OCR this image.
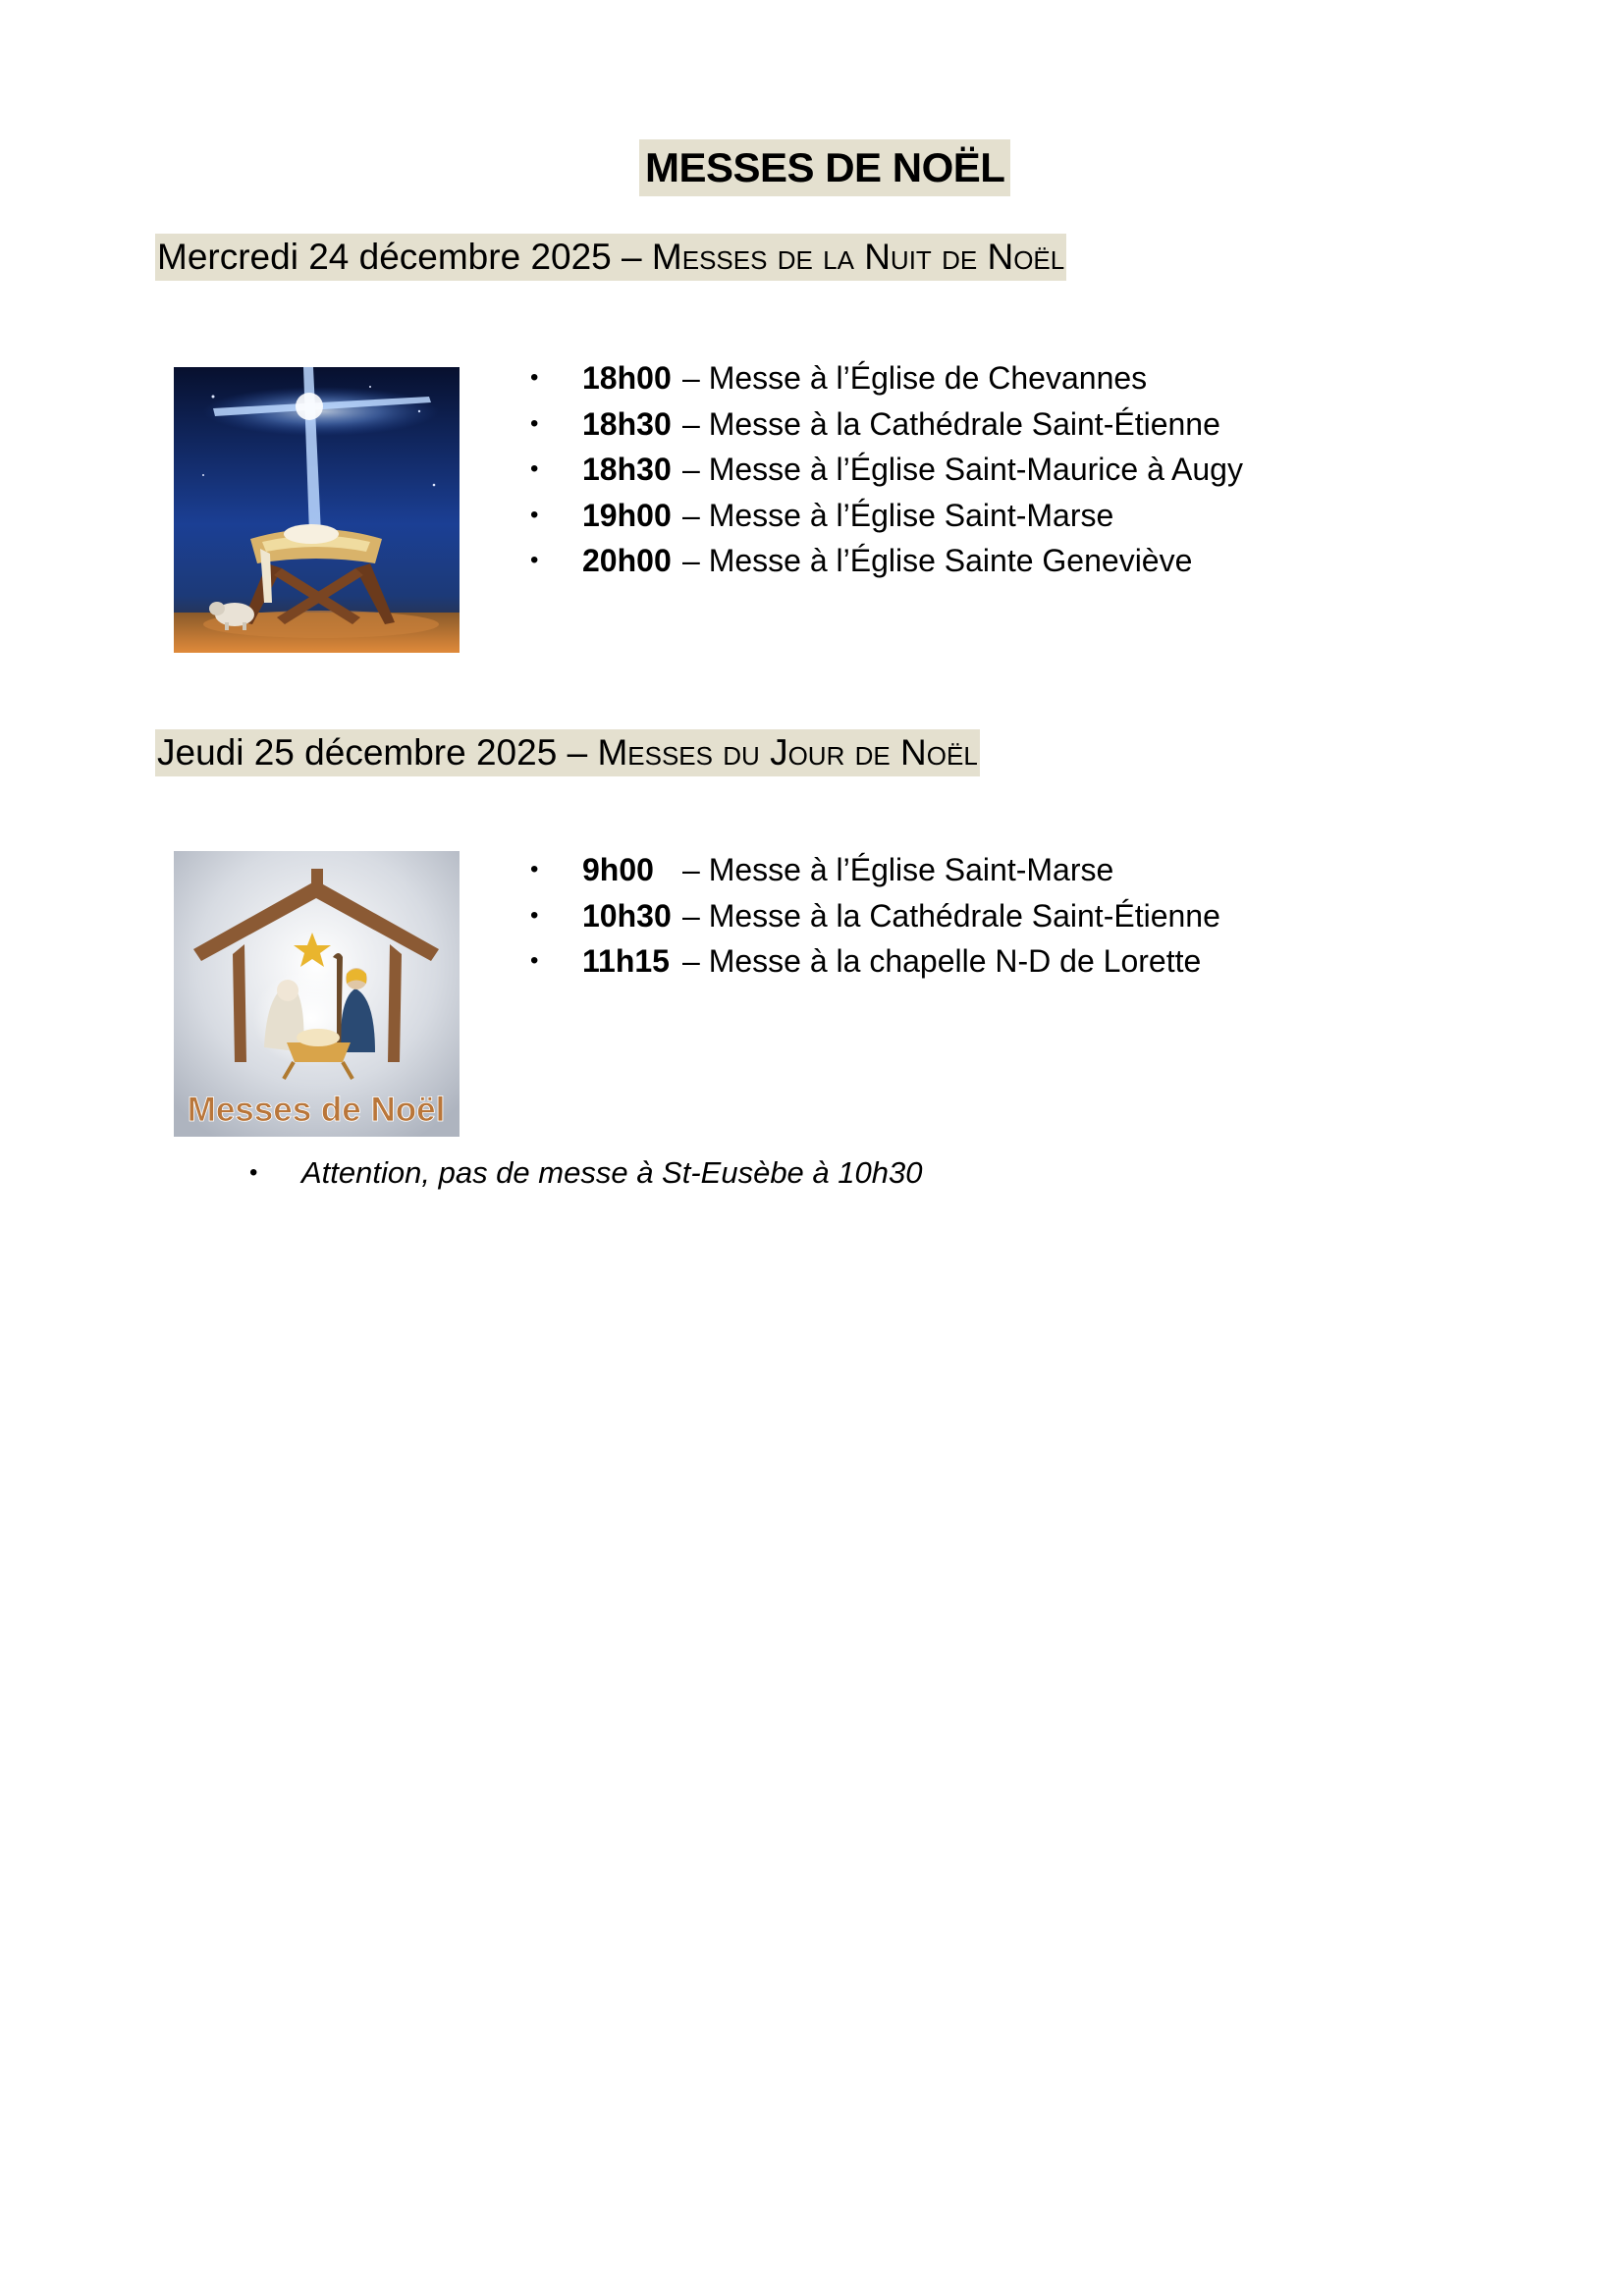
MESSES DE NOËL
Mercredi 24 décembre 2025 – Messes de la Nuit de Noël
•	18h00 – Messe à l’Église de Chevannes
•	18h30 – Messe à la Cathédrale Saint-Étienne
•	18h30 – Messe à l’Église Saint-Maurice à Augy
•	19h00 – Messe à l’Église Saint-Marse
•	20h00 – Messe à l’Église Sainte Geneviève
Jeudi 25 décembre 2025 – Messes du Jour de Noël
Messes de Noël
•	9h00 – Messe à l’Église Saint-Marse
•	10h30 – Messe à la Cathédrale Saint-Étienne
•	11h15 – Messe à la chapelle N-D de Lorette
•	Attention, pas de messe à St-Eusèbe à 10h30
